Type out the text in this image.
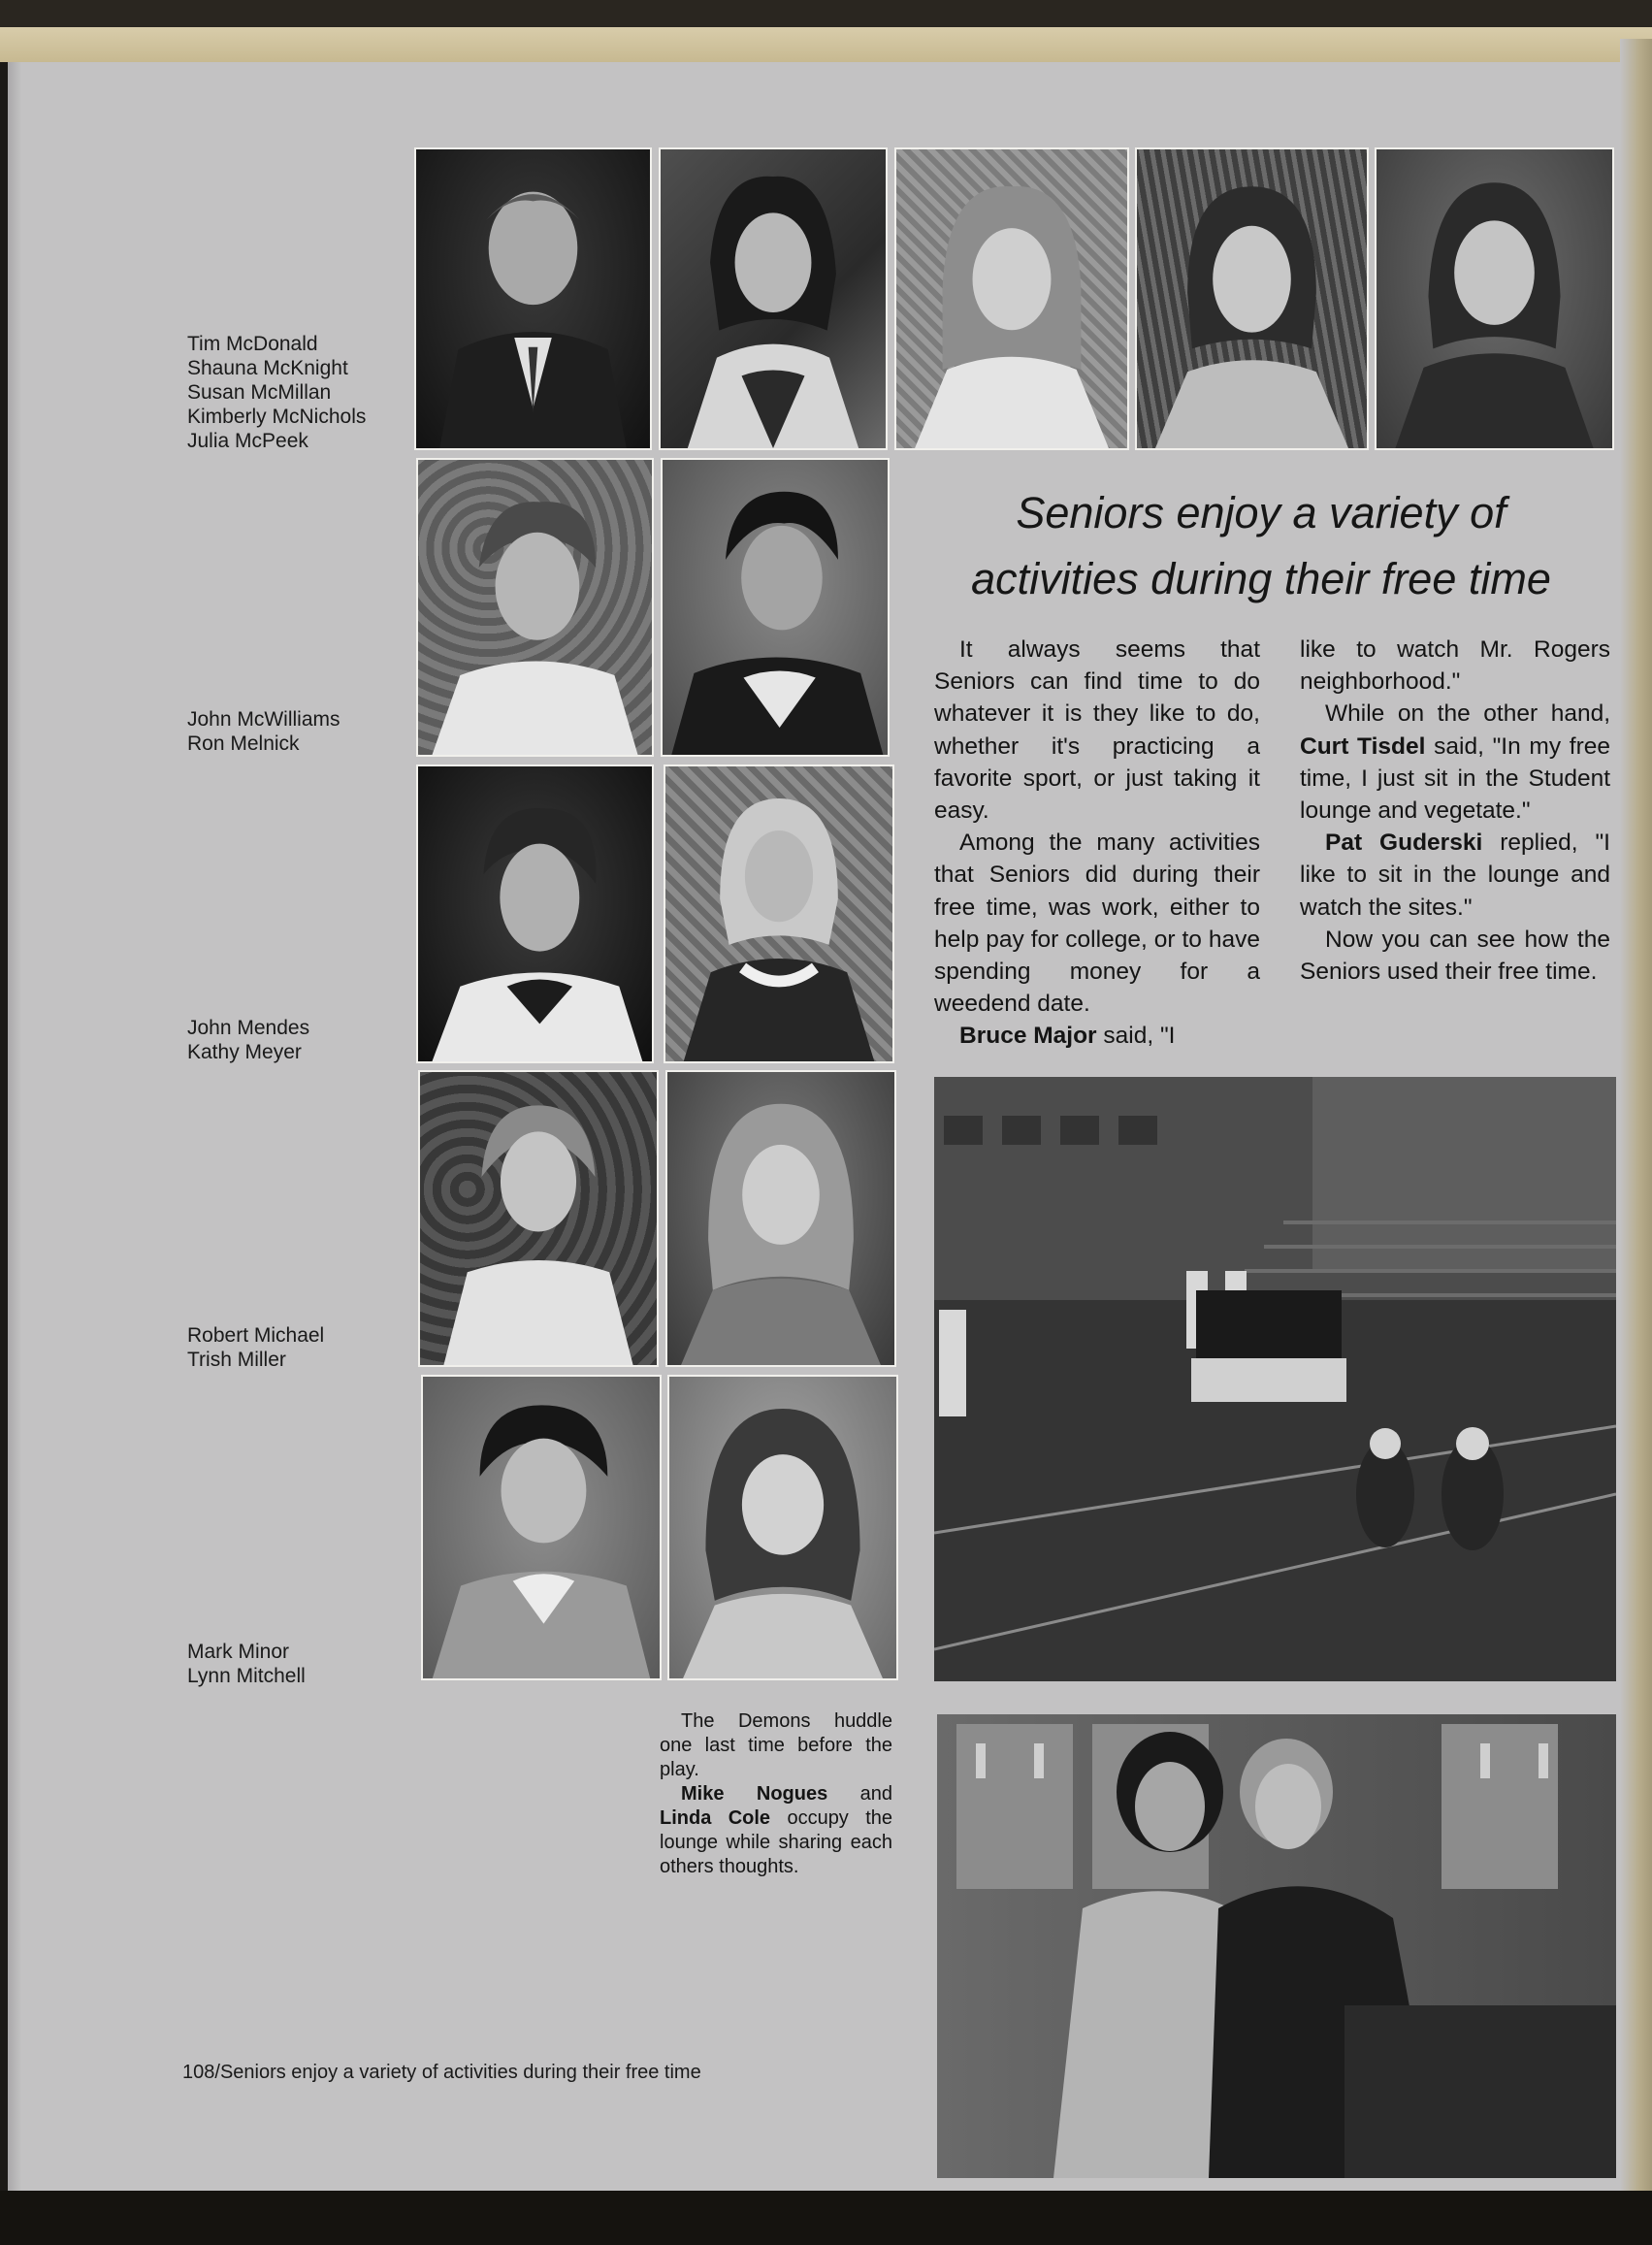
Tim McDonald
Shauna McKnight
Susan McMillan
Kimberly McNichols
Julia McPeek
John McWilliams
Ron Melnick
John Mendes
Kathy Meyer
Robert Michael
Trish Miller
Mark Minor
Lynn Mitchell
Seniors enjoy a variety of
activities during their free time

It always seems that Seniors can find time to do whatever it is they like to do, whether it's practicing a favorite sport, or just taking it easy.

Among the many activities that Seniors did during their free time, was work, either to help pay for college, or to have spending money for a weedend date.

Bruce Major said, "I

like to watch Mr. Rogers neighborhood."

While on the other hand, Curt Tisdel said, "In my free time, I just sit in the Student lounge and vegetate."

Pat Guderski replied, "I like to sit in the lounge and watch the sites."

Now you can see how the Seniors used their free time.

The Demons huddle one last time before the play.

Mike Nogues and Linda Cole occupy the lounge while sharing each others thoughts.

108/Seniors enjoy a variety of activities during their free time
